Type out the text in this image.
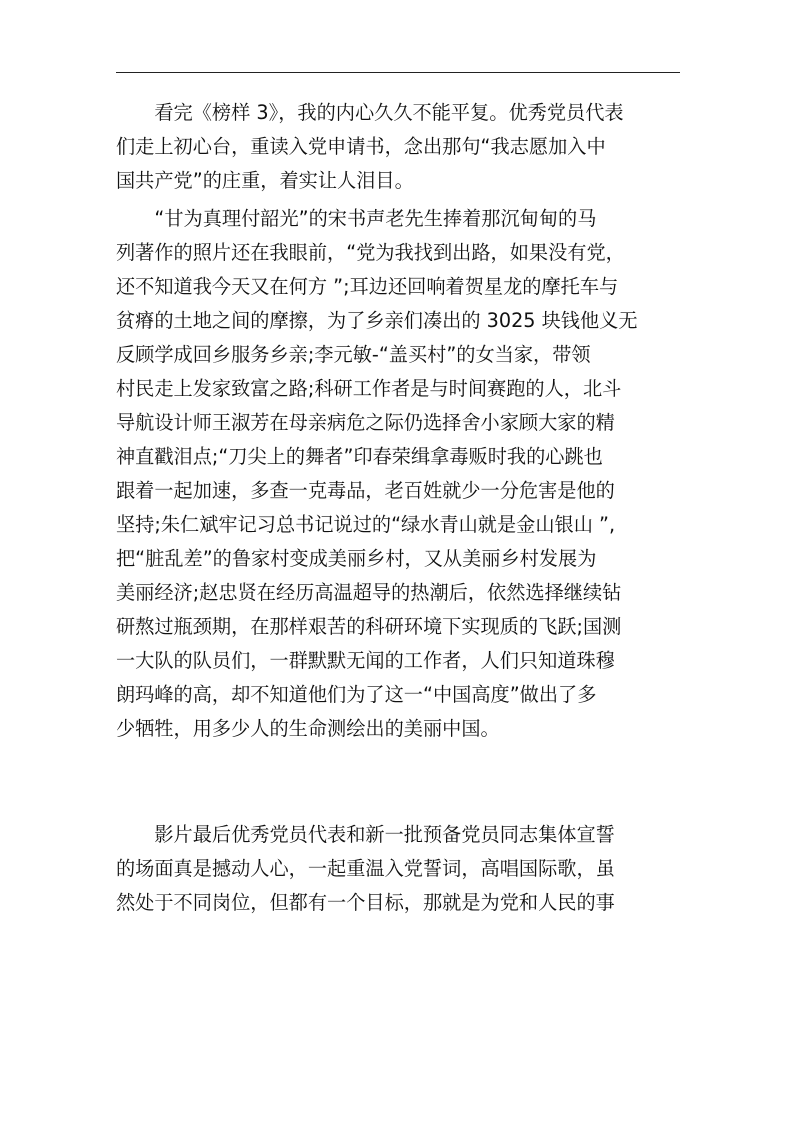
　　看完《榜样 3》，我的内心久久不能平复。优秀党员代表
们走上初心台，重读入党申请书，念出那句“我志愿加入中
国共产党”的庄重，着实让人泪目。
　　“甘为真理付韶光”的宋书声老先生捧着那沉甸甸的马
列著作的照片还在我眼前，“党为我找到出路，如果没有党，
还不知道我今天又在何方 ”;耳边还回响着贺星龙的摩托车与
贫瘠的土地之间的摩擦，为了乡亲们凑出的 3025 块钱他义无
反顾学成回乡服务乡亲;李元敏-“盖买村”的女当家，带领
村民走上发家致富之路;科研工作者是与时间赛跑的人，北斗
导航设计师王淑芳在母亲病危之际仍选择舍小家顾大家的精
神直戳泪点;“刀尖上的舞者”印春荣缉拿毒贩时我的心跳也
跟着一起加速，多查一克毒品，老百姓就少一分危害是他的
坚持;朱仁斌牢记习总书记说过的“绿水青山就是金山银山 ”,
把“脏乱差”的鲁家村变成美丽乡村，又从美丽乡村发展为
美丽经济;赵忠贤在经历高温超导的热潮后，依然选择继续钻
研熬过瓶颈期，在那样艰苦的科研环境下实现质的飞跃;国测
一大队的队员们，一群默默无闻的工作者，人们只知道珠穆
朗玛峰的高，却不知道他们为了这一“中国高度”做出了多
少牺牲，用多少人的生命测绘出的美丽中国。
　　影片最后优秀党员代表和新一批预备党员同志集体宣誓
的场面真是撼动人心，一起重温入党誓词，高唱国际歌，虽
然处于不同岗位，但都有一个目标，那就是为党和人民的事
